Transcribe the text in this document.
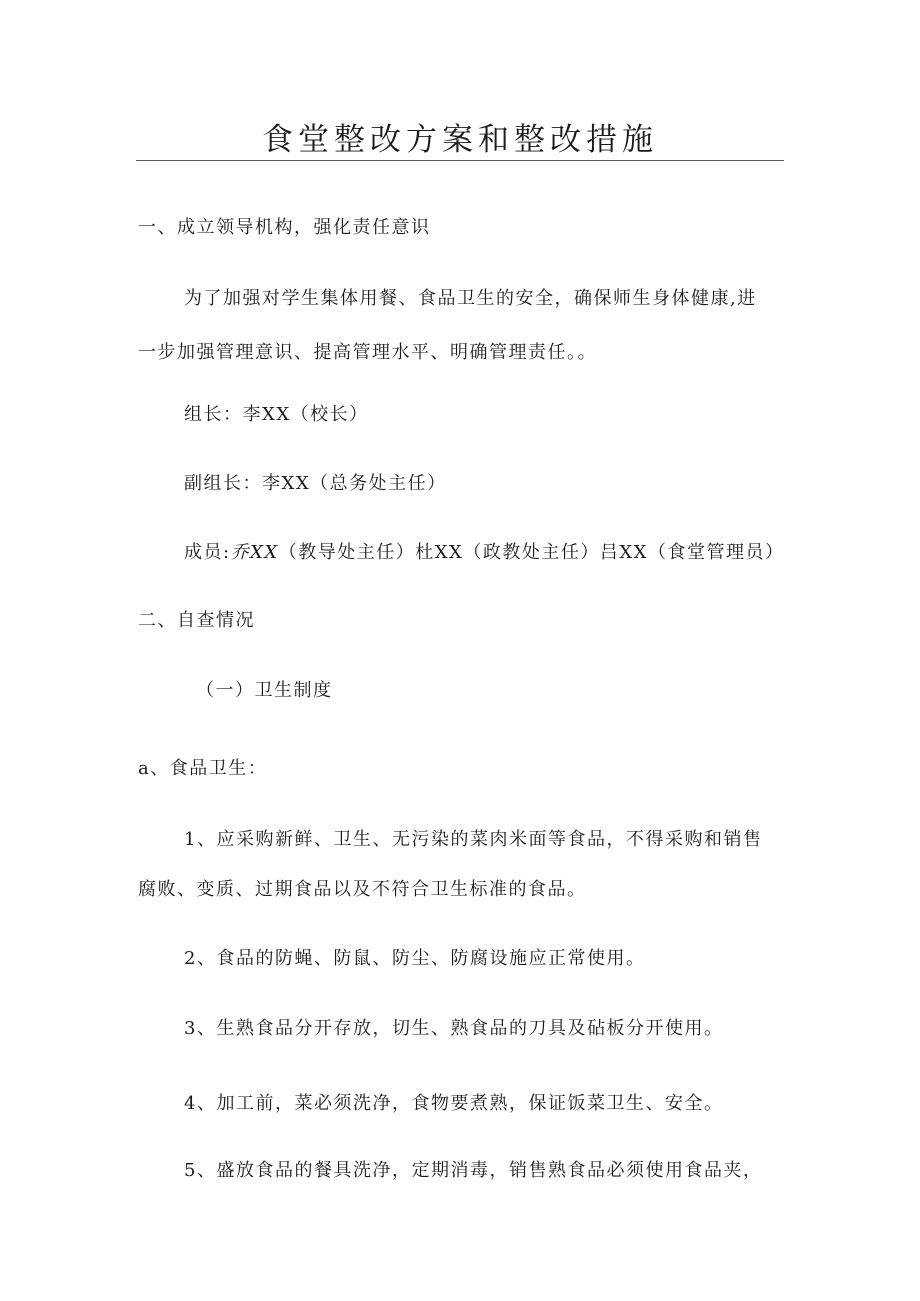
食堂整改方案和整改措施
一、成立领导机构，强化责任意识
为了加强对学生集体用餐、食品卫生的安全，确保师生身体健康,进
一步加强管理意识、提高管理水平、明确管理责任。。
组长：李XX（校长）
副组长：李XX（总务处主任）
成员:乔XX（教导处主任）杜XX（政教处主任）吕XX（食堂管理员）
二、自查情况
（一）卫生制度
a、食品卫生：
1、应采购新鲜、卫生、无污染的菜肉米面等食品，不得采购和销售
腐败、变质、过期食品以及不符合卫生标准的食品。
2、食品的防蝇、防鼠、防尘、防腐设施应正常使用。
3、生熟食品分开存放，切生、熟食品的刀具及砧板分开使用。
4、加工前，菜必须洗净，食物要煮熟，保证饭菜卫生、安全。
5、盛放食品的餐具洗净，定期消毒，销售熟食品必须使用食品夹，
